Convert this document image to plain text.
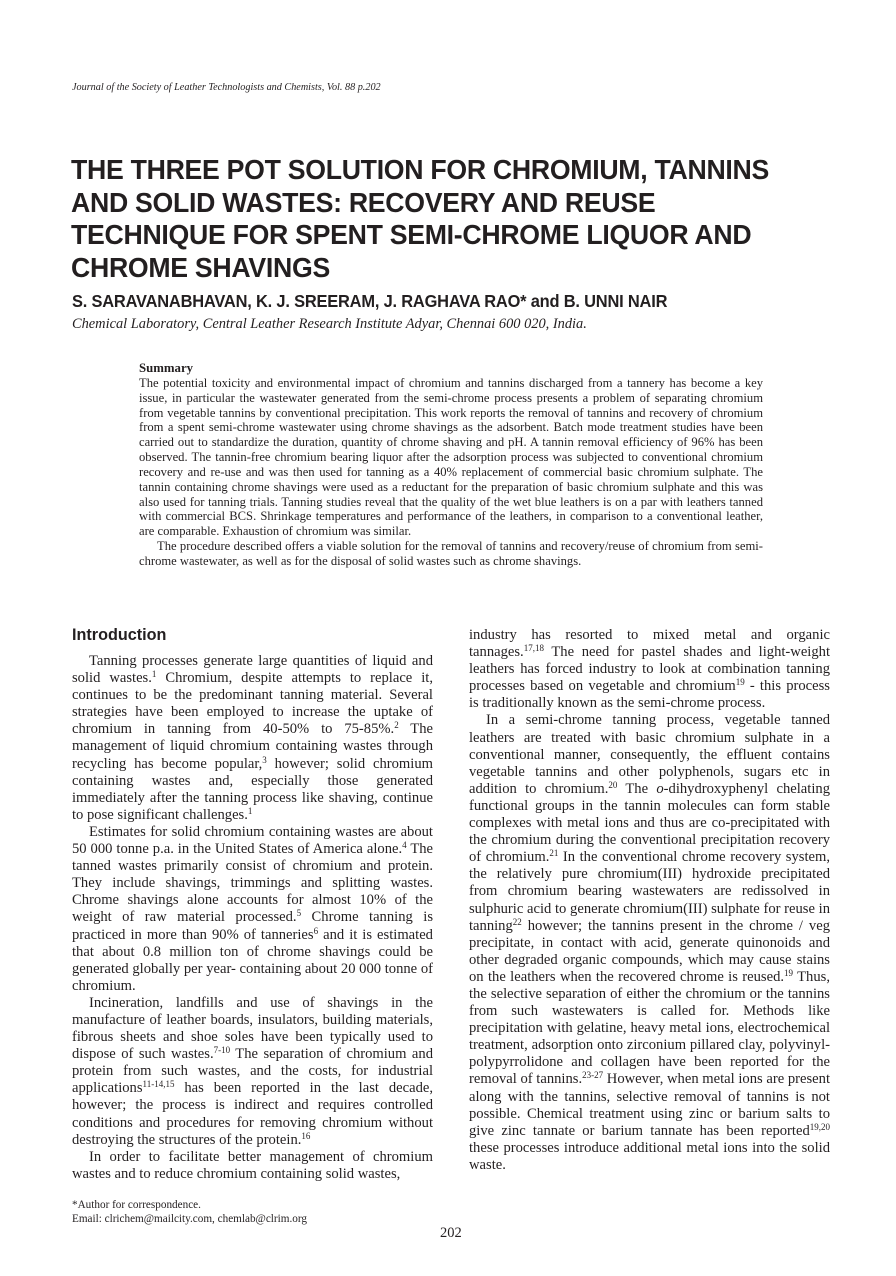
Journal of the Society of Leather Technologists and Chemists, Vol. 88 p.202
THE THREE POT SOLUTION FOR CHROMIUM, TANNINS
AND SOLID WASTES: RECOVERY AND REUSE
TECHNIQUE FOR SPENT SEMI-CHROME LIQUOR AND
CHROME SHAVINGS
S. SARAVANABHAVAN, K. J. SREERAM, J. RAGHAVA RAO* and B. UNNI NAIR
Chemical Laboratory, Central Leather Research Institute Adyar, Chennai 600 020, India.
Summary

The potential toxicity and environmental impact of chromium and tannins discharged from a tannery has become a key issue, in particular the wastewater generated from the semi-chrome process presents a problem of separating chromium from vegetable tannins by conventional precipitation. This work reports the removal of tannins and recovery of chromium from a spent semi-chrome wastewater using chrome shavings as the adsorbent. Batch mode treatment studies have been carried out to standardize the duration, quantity of chrome shaving and pH. A tannin removal efficiency of 96% has been observed. The tannin-free chromium bearing liquor after the adsorption process was subjected to conventional chromium recovery and re-use and was then used for tanning as a 40% replacement of commercial basic chromium sulphate. The tannin containing chrome shavings were used as a reductant for the preparation of basic chromium sulphate and this was also used for tanning trials. Tanning studies reveal that the quality of the wet blue leathers is on a par with leathers tanned with commercial BCS. Shrinkage temperatures and performance of the leathers, in comparison to a conventional leather, are comparable. Exhaustion of chromium was similar.

The procedure described offers a viable solution for the removal of tannins and recovery/reuse of chromium from semi-chrome wastewater, as well as for the disposal of solid wastes such as chrome shavings.

Introduction

Tanning processes generate large quantities of liquid and solid wastes.$^1$ Chromium, despite attempts to replace it, continues to be the predominant tanning material. Several strategies have been employed to increase the uptake of chromium in tanning from 40-50% to 75-85%.$^2$ The management of liquid chromium containing wastes through recycling has become popular,$^3$ however; solid chromium containing wastes and, especially those generated immediately after the tanning process like shaving, continue to pose significant challenges.$^1$

Estimates for solid chromium containing wastes are about 50 000 tonne p.a. in the United States of America alone.$^4$ The tanned wastes primarily consist of chromium and protein. They include shavings, trimmings and splitting wastes. Chrome shavings alone accounts for almost 10% of the weight of raw material processed.$^5$ Chrome tanning is practiced in more than 90% of tanneries$^6$ and it is estimated that about 0.8 million ton of chrome shavings could be generated globally per year- containing about 20 000 tonne of chromium.

Incineration, landfills and use of shavings in the manufacture of leather boards, insulators, building materials, fibrous sheets and shoe soles have been typically used to dispose of such wastes.$^{7-10}$ The separation of chromium and protein from such wastes, and the costs, for industrial applications$^{11-14,15}$ has been reported in the last decade, however; the process is indirect and requires controlled conditions and procedures for removing chromium without destroying the structures of the protein.$^{16}$

In order to facilitate better management of chromium wastes and to reduce chromium containing solid wastes,

industry has resorted to mixed metal and organic tannages.$^{17,18}$ The need for pastel shades and light-weight leathers has forced industry to look at combination tanning processes based on vegetable and chromium$^{19}$ - this process is traditionally known as the semi-chrome process.

In a semi-chrome tanning process, vegetable tanned leathers are treated with basic chromium sulphate in a conventional manner, consequently, the effluent contains vegetable tannins and other polyphenols, sugars etc in addition to chromium.$^{20}$ The o-dihydroxyphenyl chelating functional groups in the tannin molecules can form stable complexes with metal ions and thus are co-precipitated with the chromium during the conventional precipitation recovery of chromium.$^{21}$ In the conventional chrome recovery system, the relatively pure chromium(III) hydroxide precipitated from chromium bearing wastewaters are redissolved in sulphuric acid to generate chromium(III) sulphate for reuse in tanning$^{22}$ however; the tannins present in the chrome / veg precipitate, in contact with acid, generate quinonoids and other degraded organic compounds, which may cause stains on the leathers when the recovered chrome is reused.$^{19}$ Thus, the selective separation of either the chromium or the tannins from such wastewaters is called for. Methods like precipitation with gelatine, heavy metal ions, electrochemical treatment, adsorption onto zirconium pillared clay, polyvinyl-polypyrrolidone and collagen have been reported for the removal of tannins.$^{23-27}$ However, when metal ions are present along with the tannins, selective removal of tannins is not possible. Chemical treatment using zinc or barium salts to give zinc tannate or barium tannate has been reported$^{19,20}$ these processes introduce additional metal ions into the solid waste.

*Author for correspondence.
Email: clrichem@mailcity.com, chemlab@clrim.org
202
